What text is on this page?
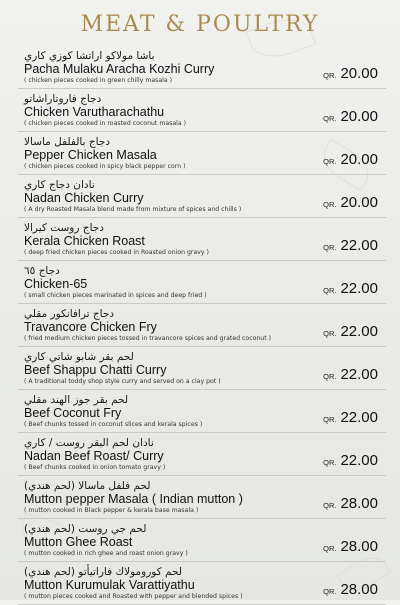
MEAT & POULTRY
باشا مولاكو اراتشا كوزي كاري
Pacha Mulaku Aracha Kozhi Curry
( chicken pieces cooked in green chilly masala )
QR. 20.00
دجاج فاروتاراشاتو
Chicken Varutharachathu
( chicken pieces cooked in roasted coconut masala )
QR. 20.00
دجاج بالفلفل ماسالا
Pepper Chicken Masala
( chicken pieces cooked in spicy black pepper corn )
QR. 20.00
نادان دجاج كاري
Nadan Chicken Curry
( A dry Roasted Masala blend made from mixture of spices and chills )
QR. 20.00
دجاج روست كيرالا
Kerala Chicken Roast
( deep fried chicken pieces cooked in Roasted onion gravy )
QR. 22.00
دجاج ٦٥
Chicken-65
( small chicken pieces marinated in spices and deep fried )
QR. 22.00
دجاج ترافانكور مقلي
Travancore Chicken Fry
( fried medium chicken pieces tossed in travancore spices and grated coconut )
QR. 22.00
لحم بقر شابو شاتي كاري
Beef Shappu Chatti Curry
( A traditional toddy shop style curry and served on a clay pot )
QR. 22.00
لحم بقر جوز الهند مقلي
Beef Coconut Fry
( Beef chunks tossed in coconut slices and kerala spices )
QR. 22.00
نادان لحم البقر روست / كاري
Nadan Beef Roast/ Curry
( Beef chunks cooked in onion tomato gravy )
QR. 22.00
لحم فلفل ماسالا (لحم هندي)
Mutton pepper Masala ( Indian mutton )
( mutton cooked in Black pepper & kerala base masala )
QR. 28.00
لحم جي روست (لحم هندي)
Mutton Ghee Roast
( mutton cooked in rich ghee and roast onion gravy )
QR. 28.00
لحم كورومولاك فاراتيأتو (لحم هندي)
Mutton Kurumulak Varattiyathu
( mutton pieces cooked and Roasted with pepper and blended spices )
QR. 28.00
